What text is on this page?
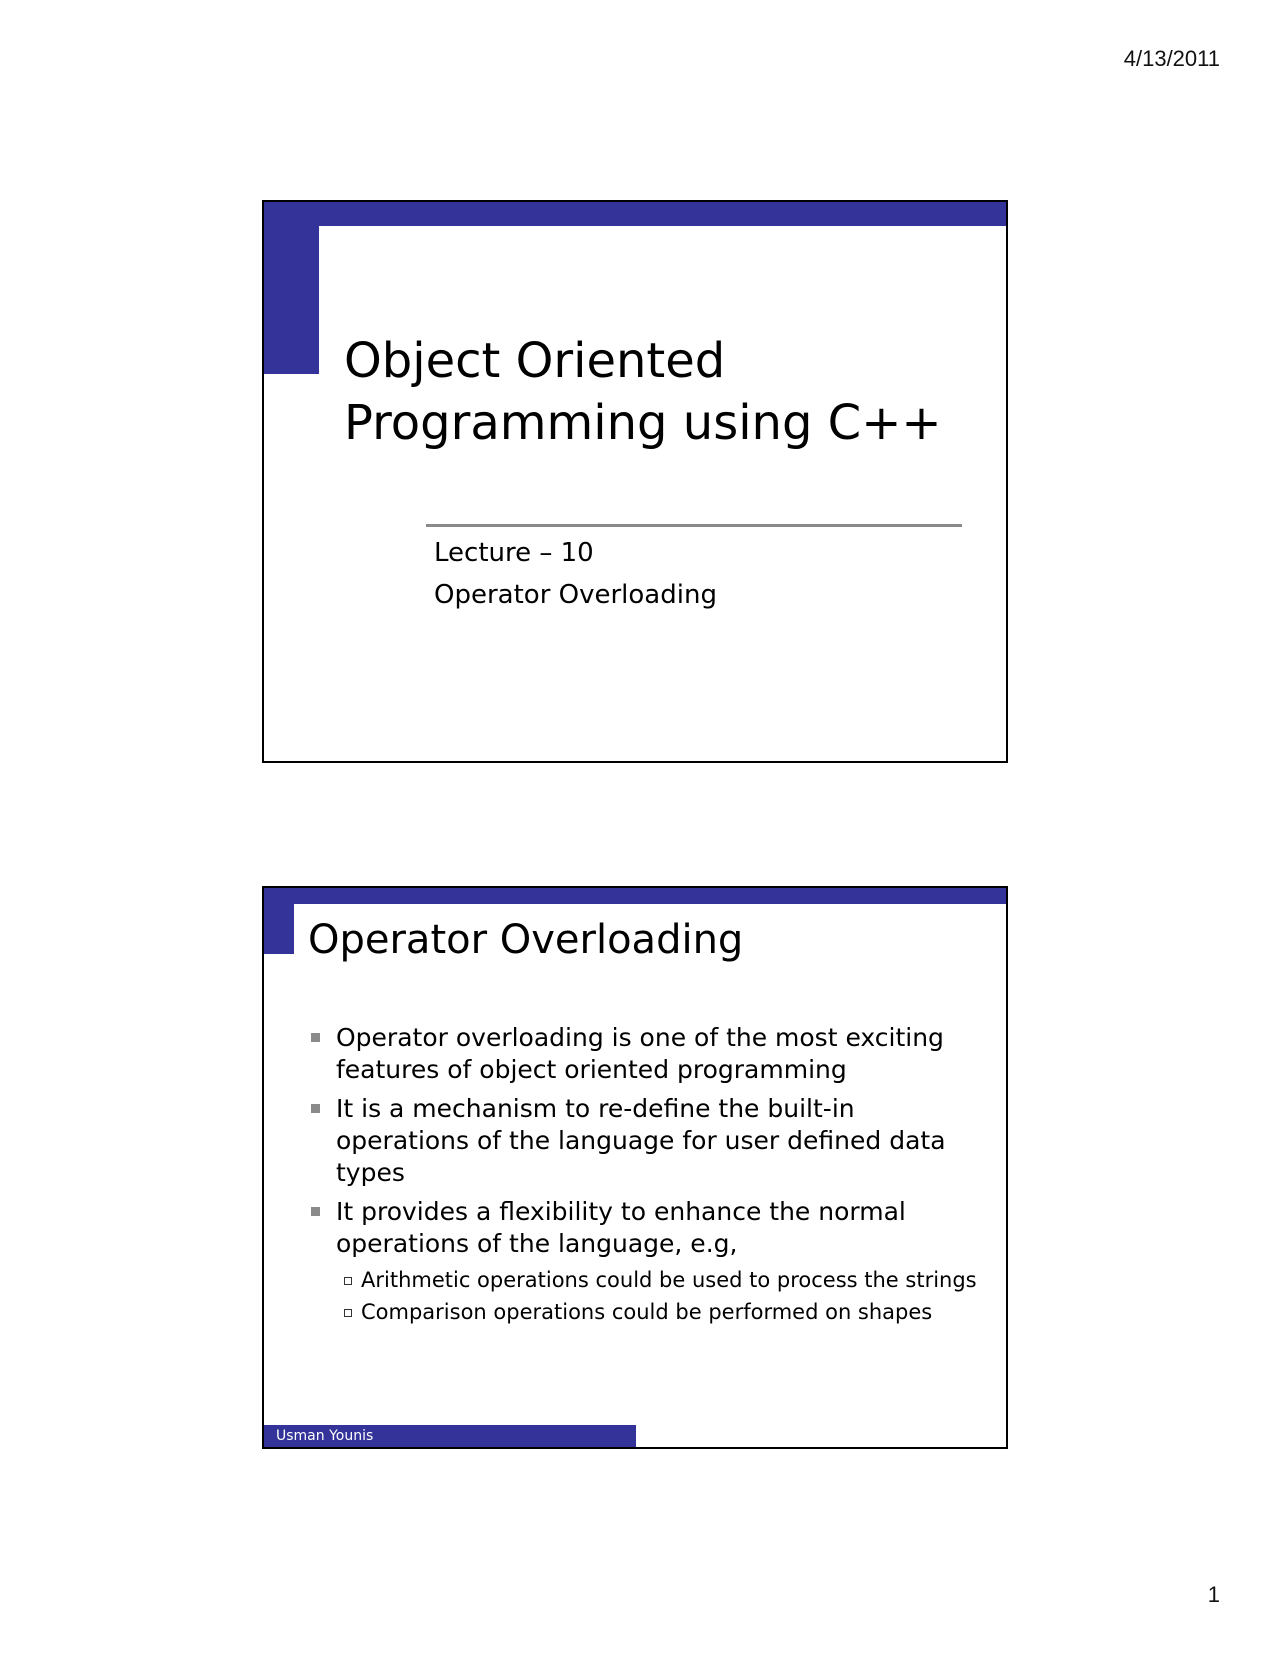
4/13/2011
Object Oriented
Programming using C++
Lecture – 10
Operator Overloading
Operator Overloading
Operator overloading is one of the most exciting features of object oriented programming
It is a mechanism to re-define the built-in operations of the language for user defined data types
It provides a flexibility to enhance the normal operations of the language, e.g,
Arithmetic operations could be used to process the strings
Comparison operations could be performed on shapes
Usman Younis
1
